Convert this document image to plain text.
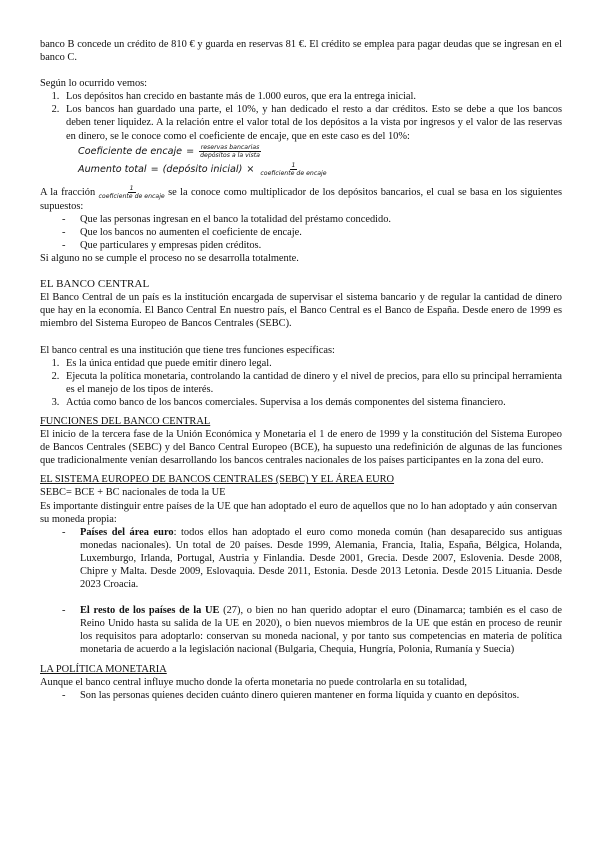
banco B concede un crédito de 810 € y guarda en reservas 81 €. El crédito se emplea para pagar deudas que se ingresan en el banco C.

Según lo ocurrido vemos:

1. Los depósitos han crecido en bastante más de 1.000 euros, que era la entrega inicial.
2. Los bancos han guardado una parte, el 10%, y han dedicado el resto a dar créditos. Esto se debe a que los bancos deben tener liquidez. A la relación entre el valor total de los depósitos a la vista por ingresos y el valor de las reservas en dinero, se le conoce como el coeficiente de encaje, que en este caso es del 10%:
Coeficiente de encaje = $\frac{\text{reservas bancarias}}{\text{depósitos a la vista}}$
Aumento total = (depósito inicial) × $\frac{1}{\text{coeficiente de encaje}}$

A la fracción $\frac{1}{\text{coeficiente de encaje}}$ se la conoce como multiplicador de los depósitos bancarios, el cual se basa en los siguientes supuestos:

- Que las personas ingresan en el banco la totalidad del préstamo concedido.
- Que los bancos no aumenten el coeficiente de encaje.
- Que particulares y empresas piden créditos.

Si alguno no se cumple el proceso no se desarrolla totalmente.

EL BANCO CENTRAL

El Banco Central de un país es la institución encargada de supervisar el sistema bancario y de regular la cantidad de dinero que hay en la economía. El Banco Central En nuestro país, el Banco Central es el Banco de España. Desde enero de 1999 es miembro del Sistema Europeo de Bancos Centrales (SEBC).

El banco central es una institución que tiene tres funciones específicas:

1. Es la única entidad que puede emitir dinero legal.
2. Ejecuta la política monetaria, controlando la cantidad de dinero y el nivel de precios, para ello su principal herramienta es el manejo de los tipos de interés.
3. Actúa como banco de los bancos comerciales. Supervisa a los demás componentes del sistema financiero.

FUNCIONES DEL BANCO CENTRAL

El inicio de la tercera fase de la Unión Económica y Monetaria el 1 de enero de 1999 y la constitución del Sistema Europeo de Bancos Centrales (SEBC) y del Banco Central Europeo (BCE), ha supuesto una redefinición de algunas de las funciones que tradicionalmente venían desarrollando los bancos centrales nacionales de los países participantes en la zona del euro.

EL SISTEMA EUROPEO DE BANCOS CENTRALES (SEBC) Y EL ÁREA EURO

SEBC= BCE + BC nacionales de toda la UE

Es importante distinguir entre países de la UE que han adoptado el euro de aquellos que no lo han adoptado y aún conservan su moneda propia:

- Países del área euro: todos ellos han adoptado el euro como moneda común (han desaparecido sus antiguas monedas nacionales). Un total de 20 países. Desde 1999, Alemania, Francia, Italia, España, Bélgica, Holanda, Luxemburgo, Irlanda, Portugal, Austria y Finlandia. Desde 2001, Grecia. Desde 2007, Eslovenia. Desde 2008, Chipre y Malta. Desde 2009, Eslovaquia. Desde 2011, Estonia. Desde 2013 Letonia. Desde 2015 Lituania. Desde 2023 Croacia.
- El resto de los países de la UE (27), o bien no han querido adoptar el euro (Dinamarca; también es el caso de Reino Unido hasta su salida de la UE en 2020), o bien nuevos miembros de la UE que están en proceso de reunir los requisitos para adoptarlo: conservan su moneda nacional, y por tanto sus competencias en materia de política monetaria de acuerdo a la legislación nacional (Bulgaria, Chequia, Hungría, Polonia, Rumanía y Suecia)

LA POLÍTICA MONETARIA

Aunque el banco central influye mucho donde la oferta monetaria no puede controlarla en su totalidad,

- Son las personas quienes deciden cuánto dinero quieren mantener en forma líquida y cuanto en depósitos.
